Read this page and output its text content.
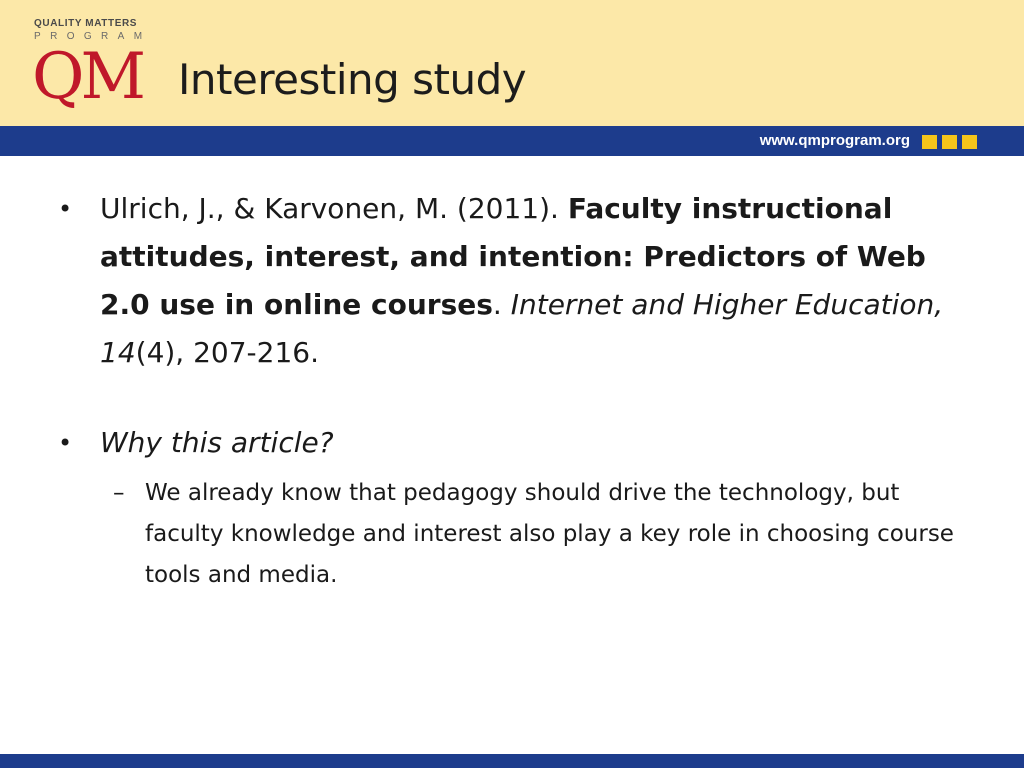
QUALITY MATTERS
PROGRAM
QM Interesting study
www.qmprogram.org
• Ulrich, J., & Karvonen, M. (2011). Faculty instructional attitudes, interest, and intention: Predictors of Web 2.0 use in online courses. Internet and Higher Education, 14(4), 207-216.
• Why this article?
– We already know that pedagogy should drive the technology, but faculty knowledge and interest also play a key role in choosing course tools and media.
